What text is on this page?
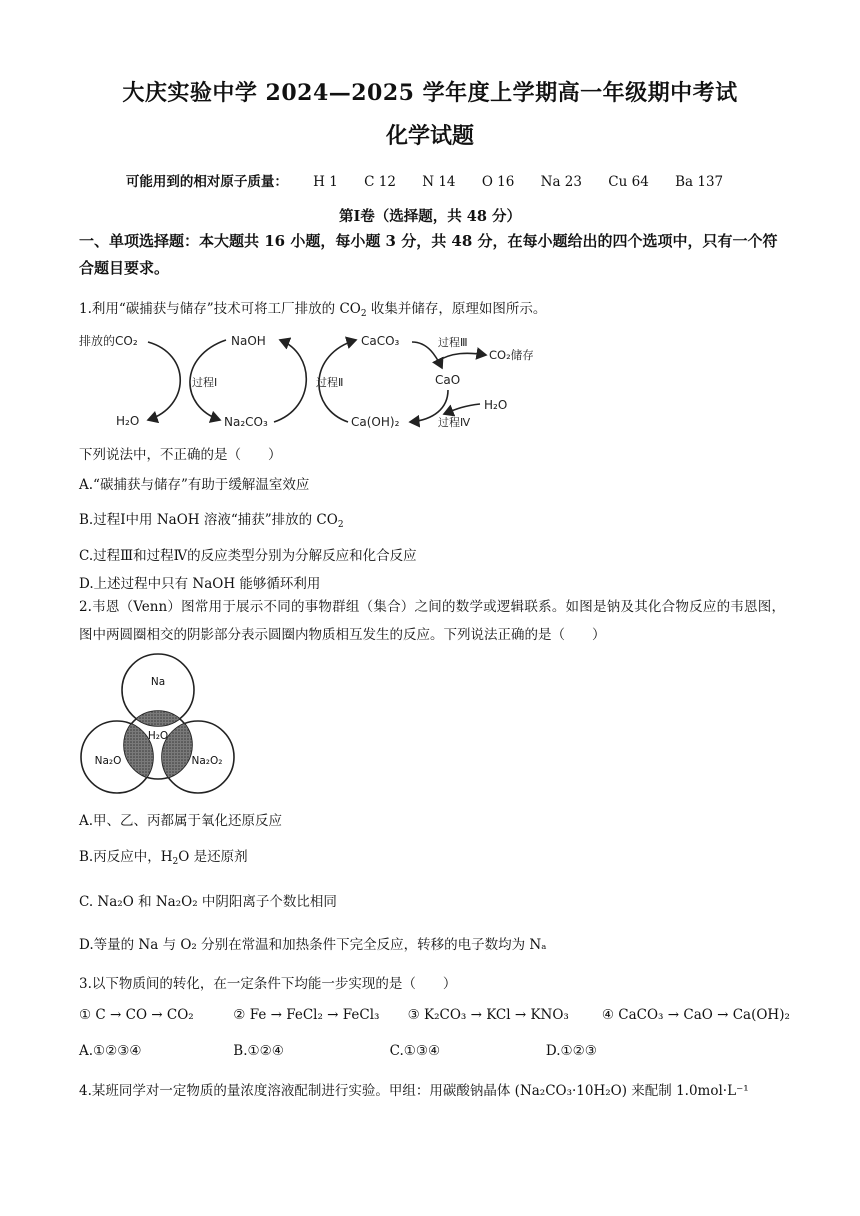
大庆实验中学 2024—2025 学年度上学期高一年级期中考试
化学试题
可能用到的相对原子质量： H 1 C 12 N 14 O 16 Na 23 Cu 64 Ba 137
第Ⅰ卷（选择题，共 48 分）
一、单项选择题：本大题共 16 小题，每小题 3 分，共 48 分，在每小题给出的四个选项中，只有一个符合题目要求。
1.利用“碳捕获与储存”技术可将工厂排放的 $CO_2$ 收集并储存，原理如图所示。
排放的CO₂
H₂O
NaOH
Na₂CO₃
过程Ⅰ	过程Ⅱ
CaCO₃
CaO
Ca(OH)₂
过程Ⅲ
CO₂储存
H₂O
过程Ⅳ
下列说法中，不正确的是（　　）
A.“碳捕获与储存”有助于缓解温室效应
B.过程Ⅰ中用 NaOH 溶液“捕获”排放的 $CO_2$
C.过程Ⅲ和过程Ⅳ的反应类型分别为分解反应和化合反应
D.上述过程中只有 NaOH 能够循环利用
2.韦恩（Venn）图常用于展示不同的事物群组（集合）之间的数学或逻辑联系。如图是钠及其化合物反应的韦恩图，图中两圆圈相交的阴影部分表示圆圈内物质相互发生的反应。下列说法正确的是（　　）
Na
H₂O
Na₂O	Na₂O₂
A.甲、乙、丙都属于氧化还原反应
B.丙反应中，$H_2O$ 是还原剂
C. Na₂O 和 Na₂O₂ 中阴阳离子个数比相同
D.等量的 Na 与 O₂ 分别在常温和加热条件下完全反应，转移的电子数均为 Nₐ
3.以下物质间的转化，在一定条件下均能一步实现的是（　　）
① C → CO → CO₂	② Fe → FeCl₂ → FeCl₃ ③ K₂CO₃ → KCl → KNO₃ ④ CaCO₃ → CaO → Ca(OH)₂
A.①②③④	B.①②④	C.①③④	D.①②③
4.某班同学对一定物质的量浓度溶液配制进行实验。甲组：用碳酸钠晶体 (Na₂CO₃·10H₂O) 来配制 1.0mol·L⁻¹
